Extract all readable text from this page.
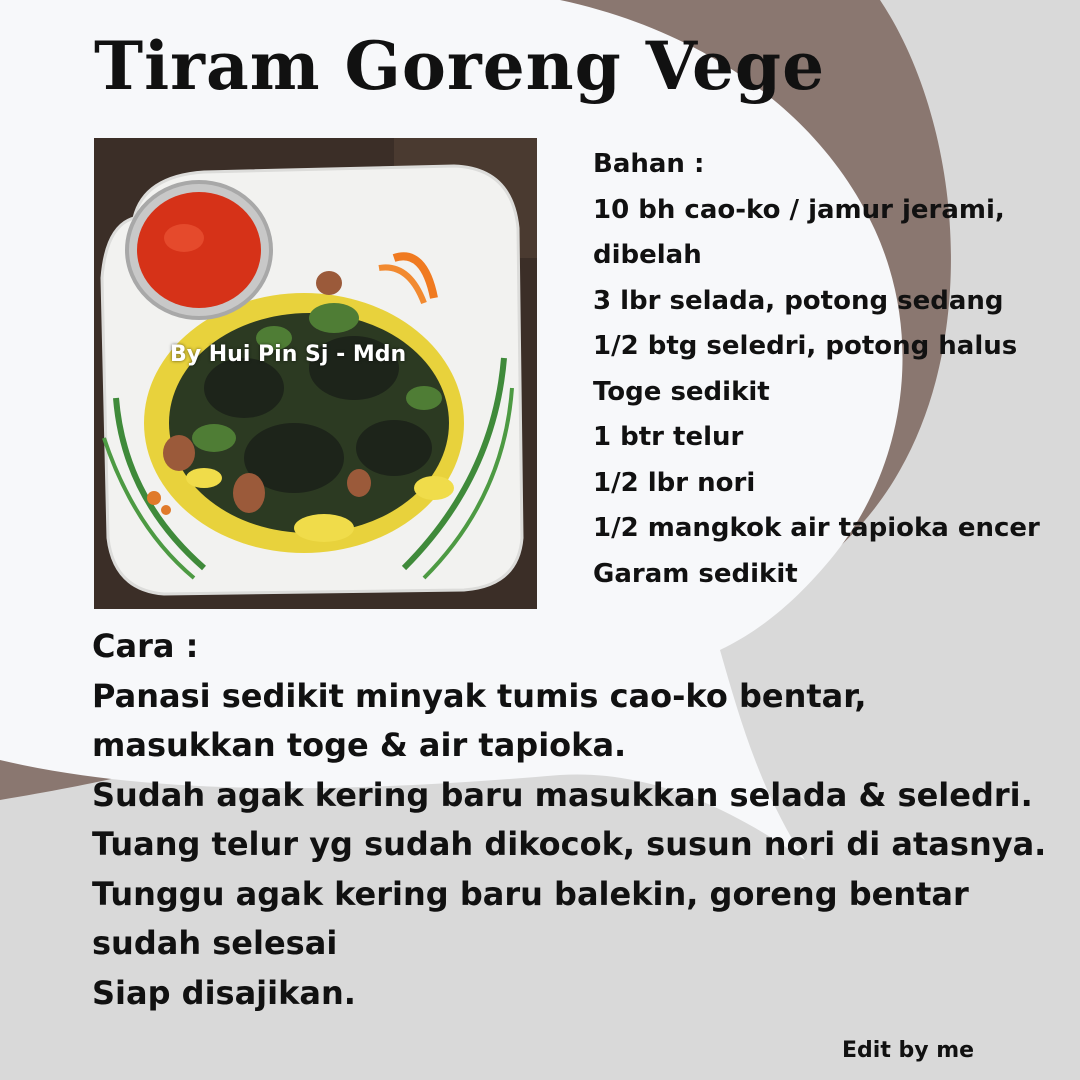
Tiram Goreng Vege
By Hui Pin Sj - Mdn
Bahan :
10 bh cao-ko / jamur jerami, dibelah
3 lbr selada, potong sedang
1/2 btg seledri, potong halus
Toge sedikit
1 btr telur
1/2 lbr nori
1/2 mangkok air tapioka encer
Garam sedikit
Cara :
Panasi sedikit minyak tumis cao-ko bentar,
masukkan toge & air tapioka.
Sudah agak kering baru masukkan selada & seledri.
Tuang telur yg sudah dikocok, susun nori di atasnya.
Tunggu agak kering baru balekin, goreng bentar
sudah selesai
Siap disajikan.
Edit by me
